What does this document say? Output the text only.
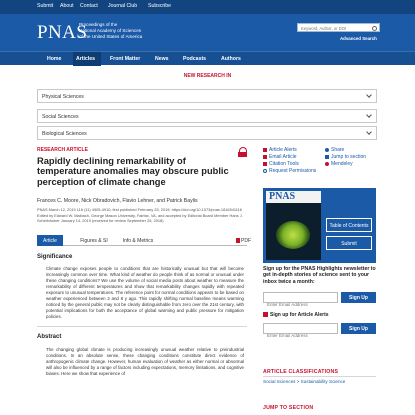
Submit About Contact Journal Club Subscribe
PNAS
Proceedings of the
National Academy of Sciences
of the United States of America
Keyword, Author, or DOI	Advanced Search
Home	Articles	Front Matter	News	Podcasts	Authors
NEW RESEARCH IN
Physical Sciences
Social Sciences
Biological Sciences
RESEARCH ARTICLE
Rapidly declining remarkability of temperature anomalies may obscure public perception of climate change
Frances C. Moore, Nick Obradovich, Flavio Lehner, and Patrick Baylis
PNAS March 12, 2019 116 (11) 4905-4910; first published February 25, 2019; https://doi.org/10.1073/pnas.1816541116
Edited by Edward W. Maibach, George Mason University, Fairfax, VA, and accepted by Editorial Board Member Hans J.
Schellnhuber January 14, 2019 (received for review September 25, 2018)
Article	Figures & SI	Info & Metrics	PDF
Significance
Climate change exposes people to conditions that are historically unusual but that will become increasingly common over time. What kind of weather do people think of as normal or unusual under these changing conditions? We use the volume of social media posts about weather to measure the remarkability of different temperatures and show that remarkability changes rapidly with repeated exposure to unusual temperatures. The reference point for normal conditions appears to be based on weather experienced between 2 and 8 y ago. This rapidly shifting normal baseline means warming noticed by the general public may not be clearly distinguishable from zero over the 21st century, with potential implications for both the acceptance of global warming and public pressure for mitigation policies.
Abstract
The changing global climate is producing increasingly unusual weather relative to preindustrial conditions. In an absolute sense, these changing conditions constitute direct evidence of anthropogenic climate change. However, human evaluation of weather as either normal or abnormal will also be influenced by a range of factors including expectations, memory limitations, and cognitive biases. Here we show that experience of
Article Alerts
Email Article
Citation Tools
Request Permissions
Share
Jump to section
Mendeley
PNAS
Table of Contents
Submit
Sign up for the PNAS Highlights newsletter to get in-depth stories of science sent to your inbox twice a month:
Enter Email Address
Sign Up
Sign up for Article Alerts
Enter Email Address
Sign Up
ARTICLE CLASSIFICATIONS
Social Sciences > Sustainability Science
JUMP TO SECTION
